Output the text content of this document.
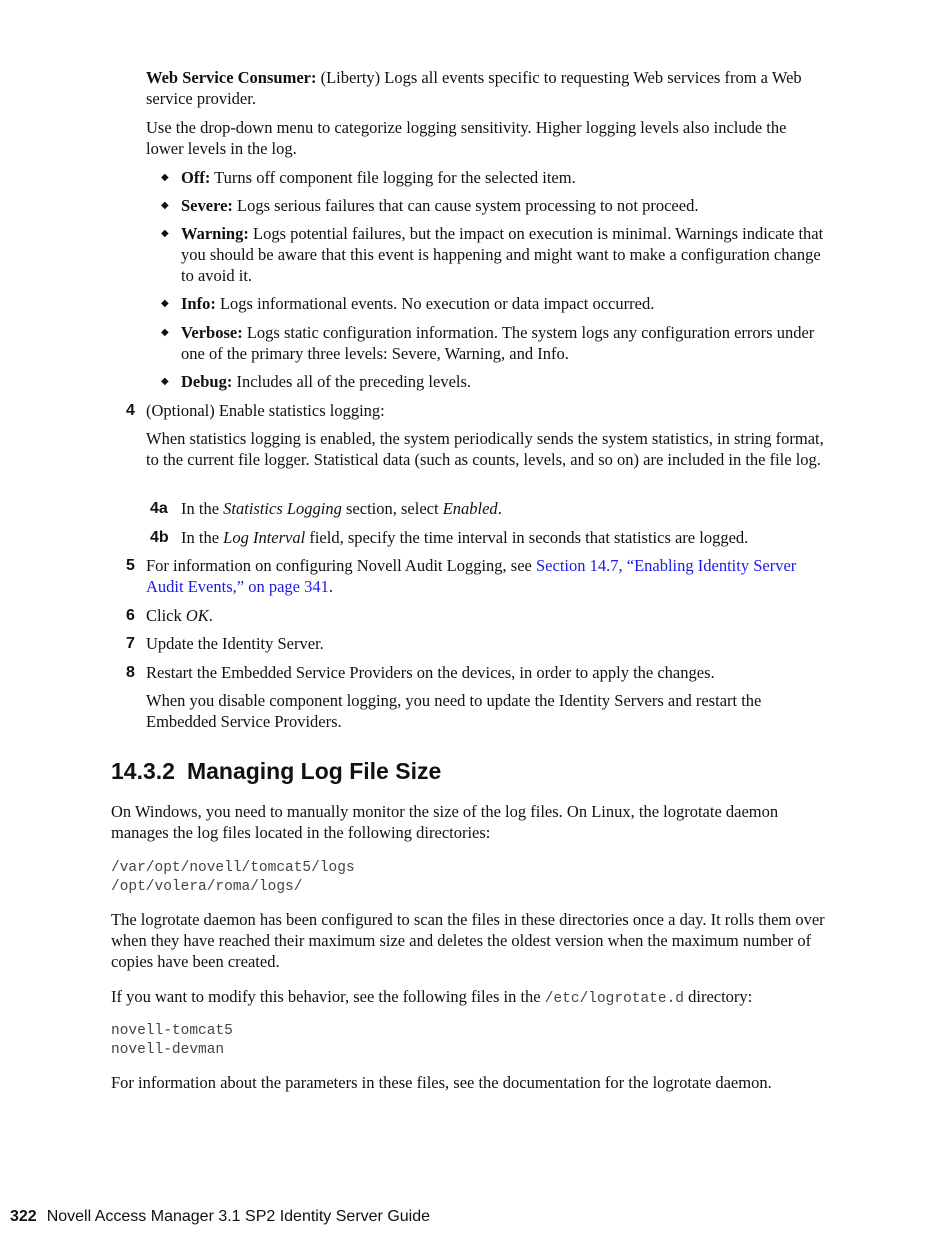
Web Service Consumer: (Liberty) Logs all events specific to requesting Web services from a Web service provider.

Use the drop-down menu to categorize logging sensitivity. Higher logging levels also include the lower levels in the log.

◆ Off: Turns off component file logging for the selected item.

◆ Severe: Logs serious failures that can cause system processing to not proceed.

◆ Warning: Logs potential failures, but the impact on execution is minimal. Warnings indicate that you should be aware that this event is happening and might want to make a configuration change to avoid it.

◆ Info: Logs informational events. No execution or data impact occurred.

◆ Verbose: Logs static configuration information. The system logs any configuration errors under one of the primary three levels: Severe, Warning, and Info.

◆ Debug: Includes all of the preceding levels.

4 (Optional) Enable statistics logging:

When statistics logging is enabled, the system periodically sends the system statistics, in string format, to the current file logger. Statistical data (such as counts, levels, and so on) are included in the file log.

4a In the Statistics Logging section, select Enabled.

4b In the Log Interval field, specify the time interval in seconds that statistics are logged.

5 For information on configuring Novell Audit Logging, see Section 14.7, “Enabling Identity Server Audit Events,” on page 341.

6 Click OK.

7 Update the Identity Server.

8 Restart the Embedded Service Providers on the devices, in order to apply the changes.

When you disable component logging, you need to update the Identity Servers and restart the Embedded Service Providers.

14.3.2 Managing Log File Size

On Windows, you need to manually monitor the size of the log files. On Linux, the logrotate daemon manages the log files located in the following directories:

/var/opt/novell/tomcat5/logs
/opt/volera/roma/logs/

The logrotate daemon has been configured to scan the files in these directories once a day. It rolls them over when they have reached their maximum size and deletes the oldest version when the maximum number of copies have been created.

If you want to modify this behavior, see the following files in the /etc/logrotate.d directory:

novell-tomcat5
novell-devman

For information about the parameters in these files, see the documentation for the logrotate daemon.

322 Novell Access Manager 3.1 SP2 Identity Server Guide
